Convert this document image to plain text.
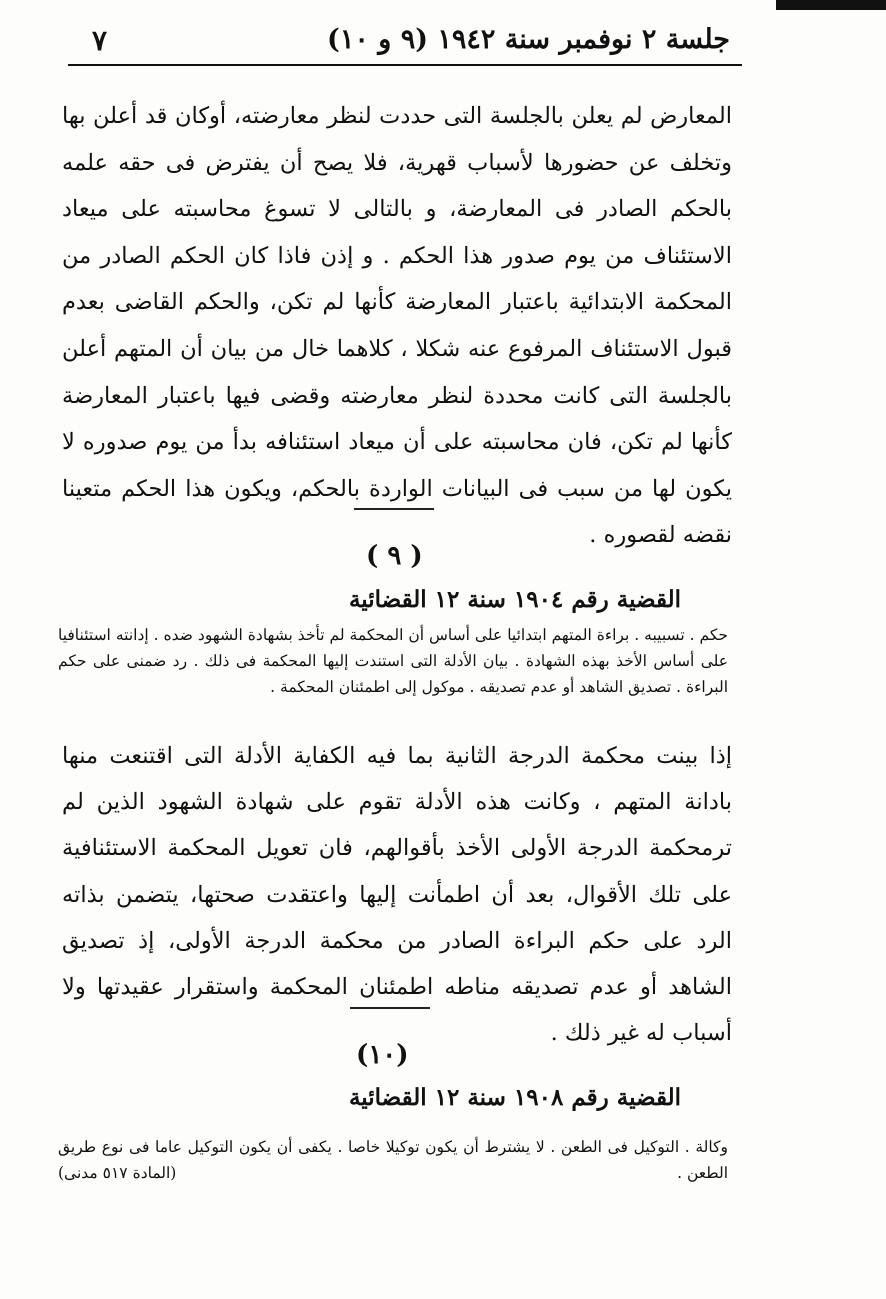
جلسة ٢ نوفمبر سنة ١٩٤٢ (٩ و ١٠)
٧
المعارض لم يعلن بالجلسة التى حددت لنظر معارضته، أوكان قد أعلن بها وتخلف عن حضورها لأسباب قهرية، فلا يصح أن يفترض فى حقه علمه بالحكم الصادر فى المعارضة، و بالتالى لا تسوغ محاسبته على ميعاد الاستئناف من يوم صدور هذا الحكم . و إذن فاذا كان الحكم الصادر من المحكمة الابتدائية باعتبار المعارضة كأنها لم تكن، والحكم القاضى بعدم قبول الاستئناف المرفوع عنه شكلا ، كلاهما خال من بيان أن المتهم أعلن بالجلسة التى كانت محددة لنظر معارضته وقضى فيها باعتبار المعارضة كأنها لم تكن، فان محاسبته على أن ميعاد استئنافه بدأ من يوم صدوره لا يكون لها من سبب فى البيانات الواردة بالحكم، ويكون هذا الحكم متعينا نقضه لقصوره .
( ٩ )
القضية رقم ١٩٠٤ سنة ١٢ القضائية
حكم . تسبيبه . براءة المتهم ابتدائيا على أساس أن المحكمة لم تأخذ بشهادة الشهود ضده . إدانته استئنافيا على أساس الأخذ بهذه الشهادة . بيان الأدلة التى استندت إليها المحكمة فى ذلك . رد ضمنى على حكم البراءة . تصديق الشاهد أو عدم تصديقه . موكول إلى اطمئنان المحكمة .
إذا بينت محكمة الدرجة الثانية بما فيه الكفاية الأدلة التى اقتنعت منها بادانة المتهم ، وكانت هذه الأدلة تقوم على شهادة الشهود الذين لم ترمحكمة الدرجة الأولى الأخذ بأقوالهم، فان تعويل المحكمة الاستئنافية على تلك الأقوال، بعد أن اطمأنت إليها واعتقدت صحتها، يتضمن بذاته الرد على حكم البراءة الصادر من محكمة الدرجة الأولى، إذ تصديق الشاهد أو عدم تصديقه مناطه اطمئنان المحكمة واستقرار عقيدتها ولا أسباب له غير ذلك .
(١٠)
القضية رقم ١٩٠٨ سنة ١٢ القضائية
وكالة . التوكيل فى الطعن . لا يشترط أن يكون توكيلا خاصا . يكفى أن يكون التوكيل عاما فى نوع طريق الطعن .
(المادة ٥١٧ مدنى)
